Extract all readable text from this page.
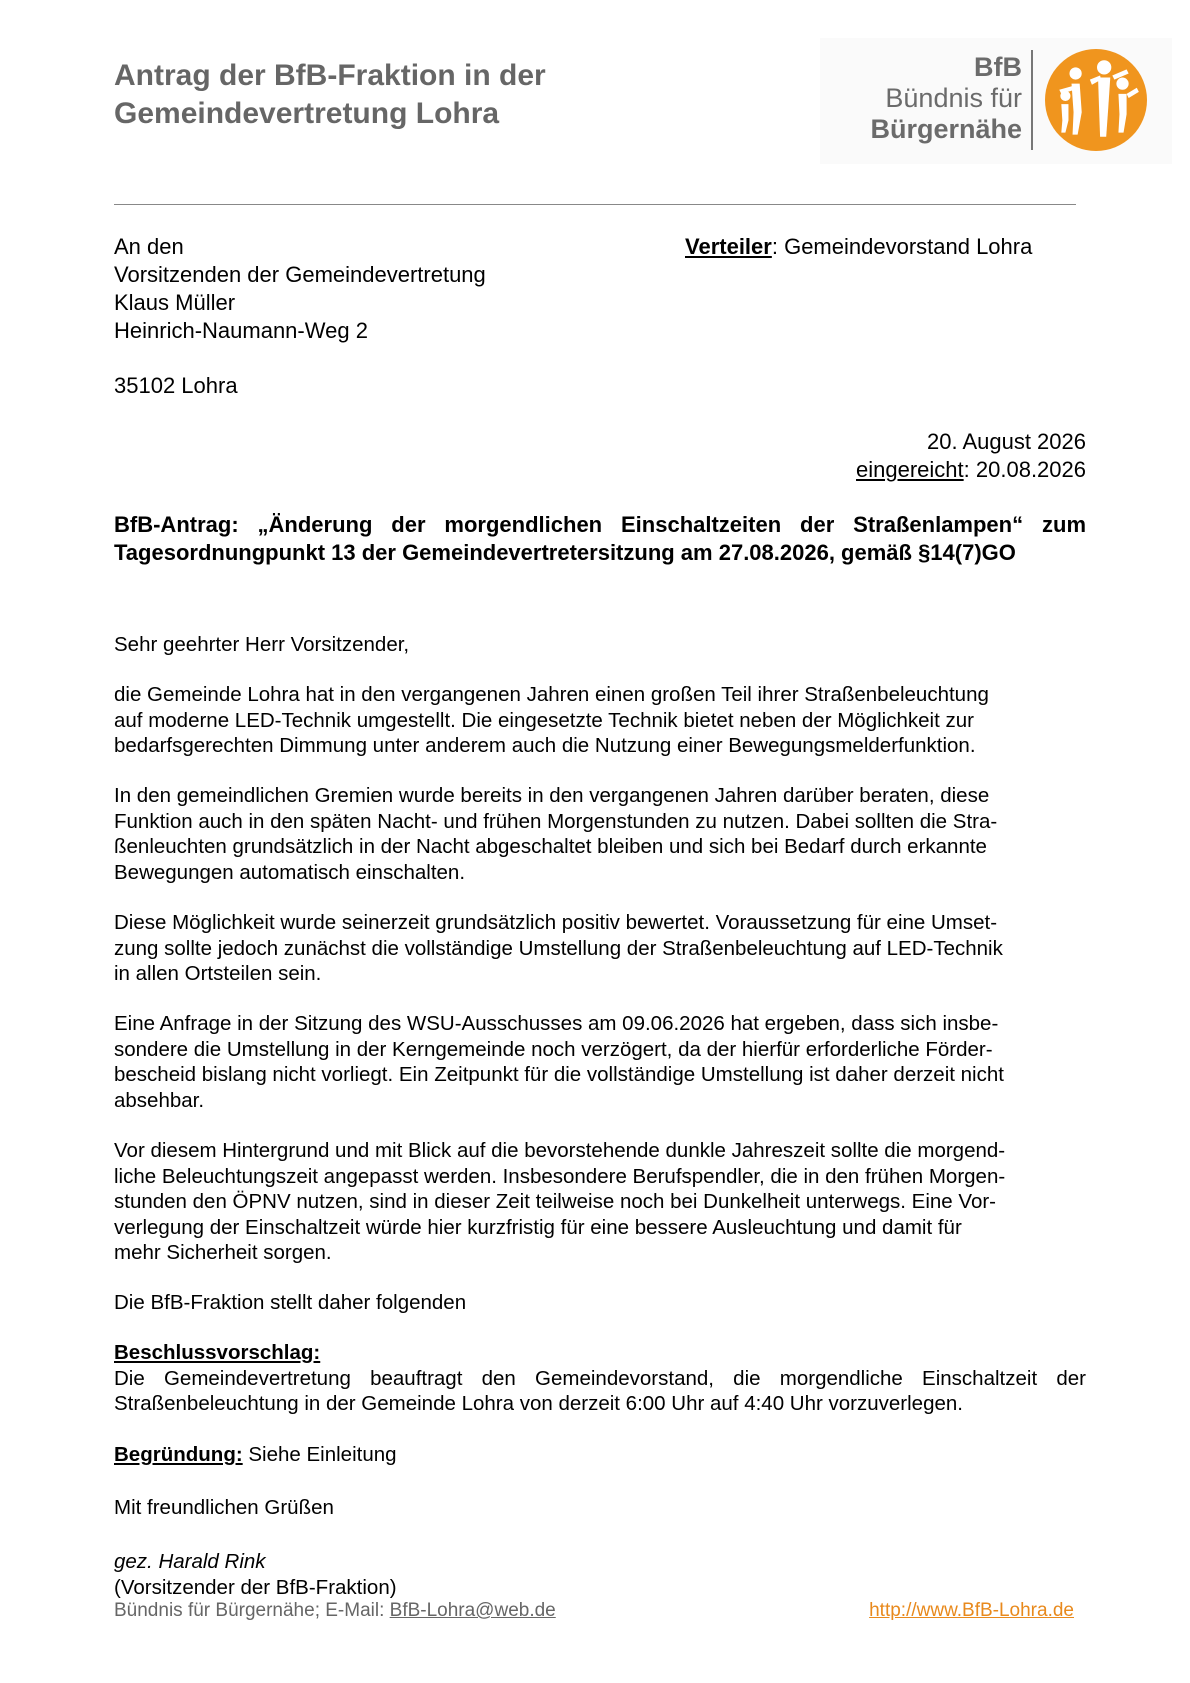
Antrag der BfB-Fraktion in der
Gemeindevertretung Lohra
BfB
Bündnis für
Bürgernähe
An den
Vorsitzenden der Gemeindevertretung
Klaus Müller
Heinrich-Naumann-Weg 2
35102 Lohra
Verteiler: Gemeindevorstand Lohra
20. August 2026
eingereicht: 20.08.2026
BfB-Antrag: „Änderung der morgendlichen Einschaltzeiten der Straßenlampen“ zum Tagesordnungpunkt 13 der Gemeindevertretersitzung am 27.08.2026, gemäß §14(7)GO
Sehr geehrter Herr Vorsitzender,
die Gemeinde Lohra hat in den vergangenen Jahren einen großen Teil ihrer Straßenbeleuchtung
auf moderne LED-Technik umgestellt. Die eingesetzte Technik bietet neben der Möglichkeit zur
bedarfsgerechten Dimmung unter anderem auch die Nutzung einer Bewegungsmelderfunktion.
In den gemeindlichen Gremien wurde bereits in den vergangenen Jahren darüber beraten, diese
Funktion auch in den späten Nacht- und frühen Morgenstunden zu nutzen. Dabei sollten die Stra-
ßenleuchten grundsätzlich in der Nacht abgeschaltet bleiben und sich bei Bedarf durch erkannte
Bewegungen automatisch einschalten.
Diese Möglichkeit wurde seinerzeit grundsätzlich positiv bewertet. Voraussetzung für eine Umset-
zung sollte jedoch zunächst die vollständige Umstellung der Straßenbeleuchtung auf LED-Technik
in allen Ortsteilen sein.
Eine Anfrage in der Sitzung des WSU-Ausschusses am 09.06.2026 hat ergeben, dass sich insbe-
sondere die Umstellung in der Kerngemeinde noch verzögert, da der hierfür erforderliche Förder-
bescheid bislang nicht vorliegt. Ein Zeitpunkt für die vollständige Umstellung ist daher derzeit nicht
absehbar.
Vor diesem Hintergrund und mit Blick auf die bevorstehende dunkle Jahreszeit sollte die morgend-
liche Beleuchtungszeit angepasst werden. Insbesondere Berufspendler, die in den frühen Morgen-
stunden den ÖPNV nutzen, sind in dieser Zeit teilweise noch bei Dunkelheit unterwegs. Eine Vor-
verlegung der Einschaltzeit würde hier kurzfristig für eine bessere Ausleuchtung und damit für
mehr Sicherheit sorgen.
Die BfB-Fraktion stellt daher folgenden
Beschlussvorschlag:
Die Gemeindevertretung beauftragt den Gemeindevorstand, die morgendliche Einschaltzeit der
Straßenbeleuchtung in der Gemeinde Lohra von derzeit 6:00 Uhr auf 4:40 Uhr vorzuverlegen.
Begründung: Siehe Einleitung
Mit freundlichen Grüßen
gez. Harald Rink
(Vorsitzender der BfB-Fraktion)
Bündnis für Bürgernähe; E-Mail: BfB-Lohra@web.de	http://www.BfB-Lohra.de
